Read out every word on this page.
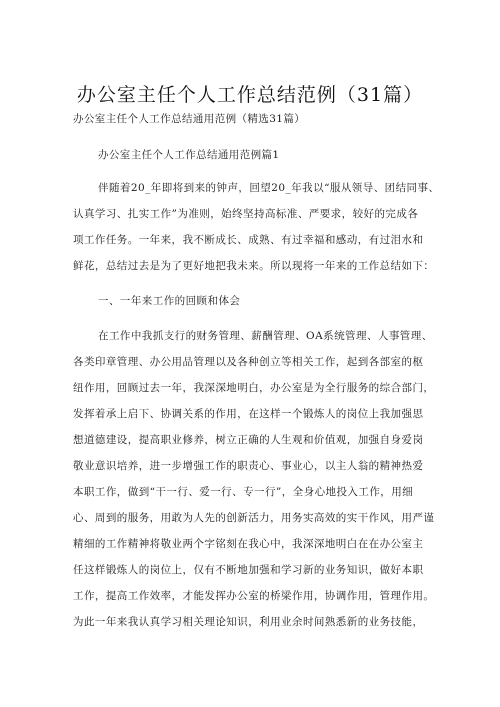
办公室主任个人工作总结范例（31篇）
办公室主任个人工作总结通用范例（精选31篇）
办公室主任个人工作总结通用范例篇1
伴随着20_年即将到来的钟声，回望20_年我以“服从领导、团结同事、
认真学习、扎实工作”为准则，始终坚持高标准、严要求，较好的完成各
项工作任务。一年来，我不断成长、成熟、有过幸福和感动，有过泪水和
鲜花，总结过去是为了更好地把我未来。所以现将一年来的工作总结如下：
一、一年来工作的回顾和体会
在工作中我抓支行的财务管理、薪酬管理、OA系统管理、人事管理、
各类印章管理、办公用品管理以及各种创立等相关工作，起到各部室的枢
纽作用，回顾过去一年，我深深地明白，办公室是为全行服务的综合部门，
发挥着承上启下、协调关系的作用，在这样一个锻炼人的岗位上我加强思
想道德建设，提高职业修养，树立正确的人生观和价值观，加强自身爱岗
敬业意识培养，进一步增强工作的职责心、事业心，以主人翁的精神热爱
本职工作，做到“干一行、爱一行、专一行”，全身心地投入工作，用细
心、周到的服务，用敢为人先的创新活力，用务实高效的实干作风，用严谨
精细的工作精神将敬业两个字铭刻在我心中，我深深地明白在在办公室主
任这样锻炼人的岗位上，仅有不断地加强和学习新的业务知识，做好本职
工作，提高工作效率，才能发挥办公室的桥梁作用，协调作用，管理作用。
为此一年来我认真学习相关理论知识，利用业余时间熟悉新的业务技能，
